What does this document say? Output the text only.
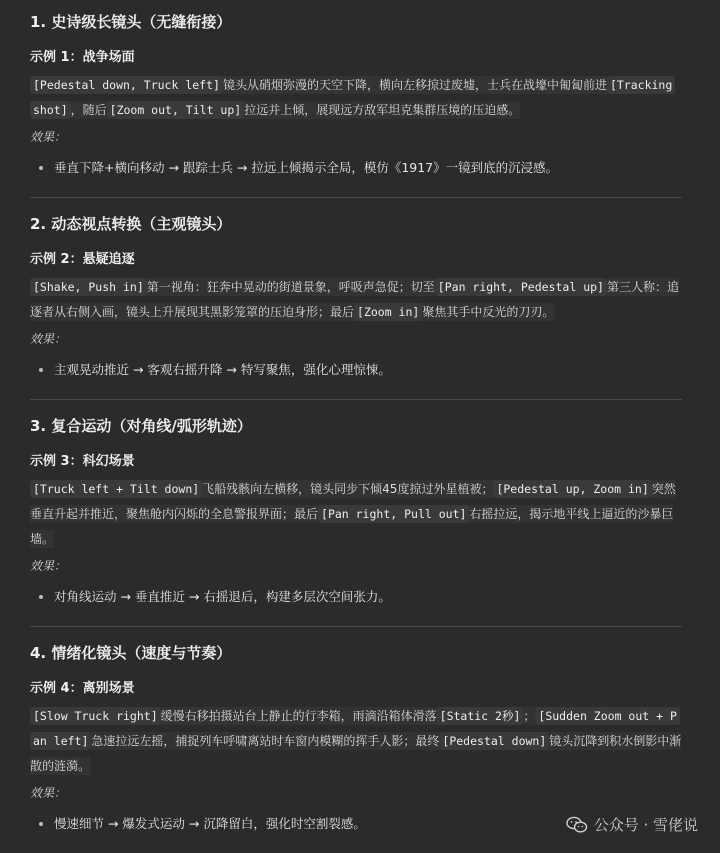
1. 史诗级长镜头（无缝衔接）
示例 1：战争场面

[Pedestal down, Truck left] 镜头从硝烟弥漫的天空下降，横向左移掠过废墟，士兵在战壕中匍匐前进 [Tracking shot] ，随后 [Zoom out, Tilt up] 拉远并上倾，展现远方敌军坦克集群压境的压迫感。

效果：
• 垂直下降+横向移动 → 跟踪士兵 → 拉远上倾揭示全局，模仿《1917》一镜到底的沉浸感。
2. 动态视点转换（主观镜头）
示例 2：悬疑追逐

[Shake, Push in] 第一视角：狂奔中晃动的街道景象，呼吸声急促；切至 [Pan right, Pedestal up] 第三人称：追逐者从右侧入画，镜头上升展现其黑影笼罩的压迫身形；最后 [Zoom in] 聚焦其手中反光的刀刃。

效果：
• 主观晃动推近 → 客观右摇升降 → 特写聚焦，强化心理惊悚。
3. 复合运动（对角线/弧形轨迹）
示例 3：科幻场景

[Truck left + Tilt down] 飞船残骸向左横移，镜头同步下倾45度掠过外星植被； [Pedestal up, Zoom in] 突然垂直升起并推近，聚焦舱内闪烁的全息警报界面；最后 [Pan right, Pull out] 右摇拉远，揭示地平线上逼近的沙暴巨墙。

效果：
• 对角线运动 → 垂直推近 → 右摇退后，构建多层次空间张力。
4. 情绪化镜头（速度与节奏）
示例 4：离别场景

[Slow Truck right] 缓慢右移拍摄站台上静止的行李箱，雨滴沿箱体滑落 [Static 2秒] ； [Sudden Zoom out + Pan left] 急速拉远左摇，捕捉列车呼啸离站时车窗内模糊的挥手人影；最终 [Pedestal down] 镜头沉降到积水倒影中渐散的涟漪。

效果：
• 慢速细节 → 爆发式运动 → 沉降留白，强化时空割裂感。	公众号 · 雪佬说
